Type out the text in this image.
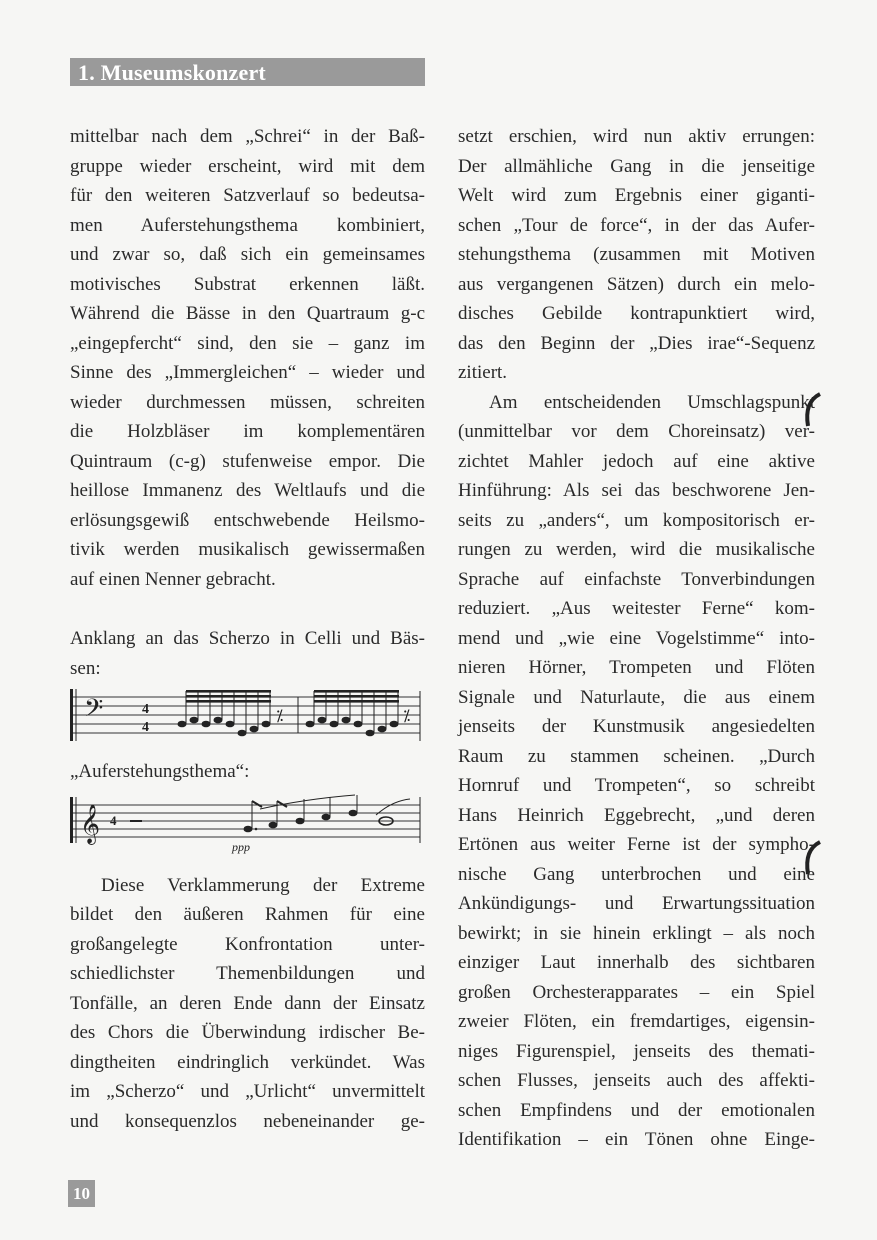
1. Museumskonzert

mittelbar nach dem „Schrei“ in der Baß-
gruppe wieder erscheint, wird mit dem
für den weiteren Satzverlauf so bedeutsa-
men Auferstehungsthema kombiniert,
und zwar so, daß sich ein gemeinsames
motivisches Substrat erkennen läßt.
Während die Bässe in den Quartraum g-c
„eingepfercht“ sind, den sie – ganz im
Sinne des „Immergleichen“ – wieder und
wieder durchmessen müssen, schreiten
die Holzbläser im komplementären
Quintraum (c-g) stufenweise empor. Die
heillose Immanenz des Weltlaufs und die
erlösungsgewiß entschwebende Heilsmo-
tivik werden musikalisch gewissermaßen
auf einen Nenner gebracht.

Anklang an das Scherzo in Celli und Bäs-
sen:

𝄢	4
4
⁒	⁒

„Auferstehungsthema“:

𝄞 4
ppp

Diese Verklammerung der Extreme
bildet den äußeren Rahmen für eine
großangelegte Konfrontation unter-
schiedlichster Themenbildungen und
Tonfälle, an deren Ende dann der Einsatz
des Chors die Überwindung irdischer Be-
dingtheiten eindringlich verkündet. Was
im „Scherzo“ und „Urlicht“ unvermittelt
und konsequenzlos nebeneinander ge-

setzt erschien, wird nun aktiv errungen:
Der allmähliche Gang in die jenseitige
Welt wird zum Ergebnis einer giganti-
schen „Tour de force“, in der das Aufer-
stehungsthema (zusammen mit Motiven
aus vergangenen Sätzen) durch ein melo-
disches Gebilde kontrapunktiert wird,
das den Beginn der „Dies irae“-Sequenz
zitiert.

Am entscheidenden Umschlagspunkt
(unmittelbar vor dem Choreinsatz) ver-
zichtet Mahler jedoch auf eine aktive
Hinführung: Als sei das beschworene Jen-
seits zu „anders“, um kompositorisch er-
rungen zu werden, wird die musikalische
Sprache auf einfachste Tonverbindungen
reduziert. „Aus weitester Ferne“ kom-
mend und „wie eine Vogelstimme“ into-
nieren Hörner, Trompeten und Flöten
Signale und Naturlaute, die aus einem
jenseits der Kunstmusik angesiedelten
Raum zu stammen scheinen. „Durch
Hornruf und Trompeten“, so schreibt
Hans Heinrich Eggebrecht, „und deren
Ertönen aus weiter Ferne ist der sympho-
nische Gang unterbrochen und eine
Ankündigungs- und Erwartungssituation
bewirkt; in sie hinein erklingt – als noch
einziger Laut innerhalb des sichtbaren
großen Orchesterapparates – ein Spiel
zweier Flöten, ein fremdartiges, eigensin-
niges Figurenspiel, jenseits des themati-
schen Flusses, jenseits auch des affekti-
schen Empfindens und der emotionalen
Identifikation – ein Tönen ohne Einge-

10
